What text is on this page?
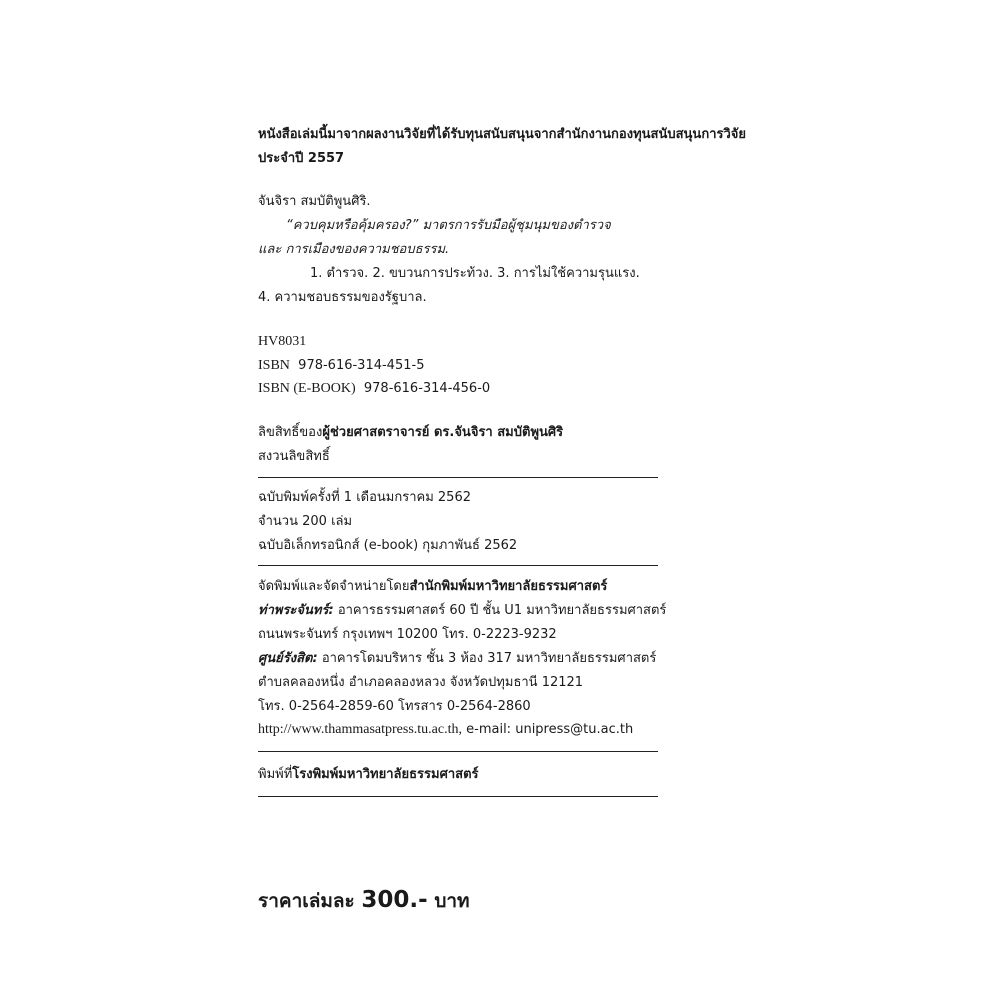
หนังสือเล่มนี้มาจากผลงานวิจัยที่ได้รับทุนสนับสนุนจากสำนักงานกองทุนสนับสนุนการวิจัย
ประจำปี 2557
จันจิรา สมบัติพูนศิริ.
“ควบคุมหรือคุ้มครอง?” มาตรการรับมือผู้ชุมนุมของตำรวจ
และ การเมืองของความชอบธรรม.
1. ตำรวจ. 2. ขบวนการประท้วง. 3. การไม่ใช้ความรุนแรง.
4. ความชอบธรรมของรัฐบาล.
HV8031
ISBN 978-616-314-451-5
ISBN (E-BOOK) 978-616-314-456-0
ลิขสิทธิ์ของผู้ช่วยศาสตราจารย์ ดร.จันจิรา สมบัติพูนศิริ
สงวนลิขสิทธิ์
ฉบับพิมพ์ครั้งที่ 1 เดือนมกราคม 2562
จำนวน 200 เล่ม
ฉบับอิเล็กทรอนิกส์ (e-book) กุมภาพันธ์ 2562
จัดพิมพ์และจัดจำหน่ายโดยสำนักพิมพ์มหาวิทยาลัยธรรมศาสตร์
ท่าพระจันทร์: อาคารธรรมศาสตร์ 60 ปี ชั้น U1 มหาวิทยาลัยธรรมศาสตร์
ถนนพระจันทร์ กรุงเทพฯ 10200 โทร. 0-2223-9232
ศูนย์รังสิต: อาคารโดมบริหาร ชั้น 3 ห้อง 317 มหาวิทยาลัยธรรมศาสตร์
ตำบลคลองหนึ่ง อำเภอคลองหลวง จังหวัดปทุมธานี 12121
โทร. 0-2564-2859-60 โทรสาร 0-2564-2860
http://www.thammasatpress.tu.ac.th, e-mail: unipress@tu.ac.th
พิมพ์ที่โรงพิมพ์มหาวิทยาลัยธรรมศาสตร์
ราคาเล่มละ 300.- บาท
